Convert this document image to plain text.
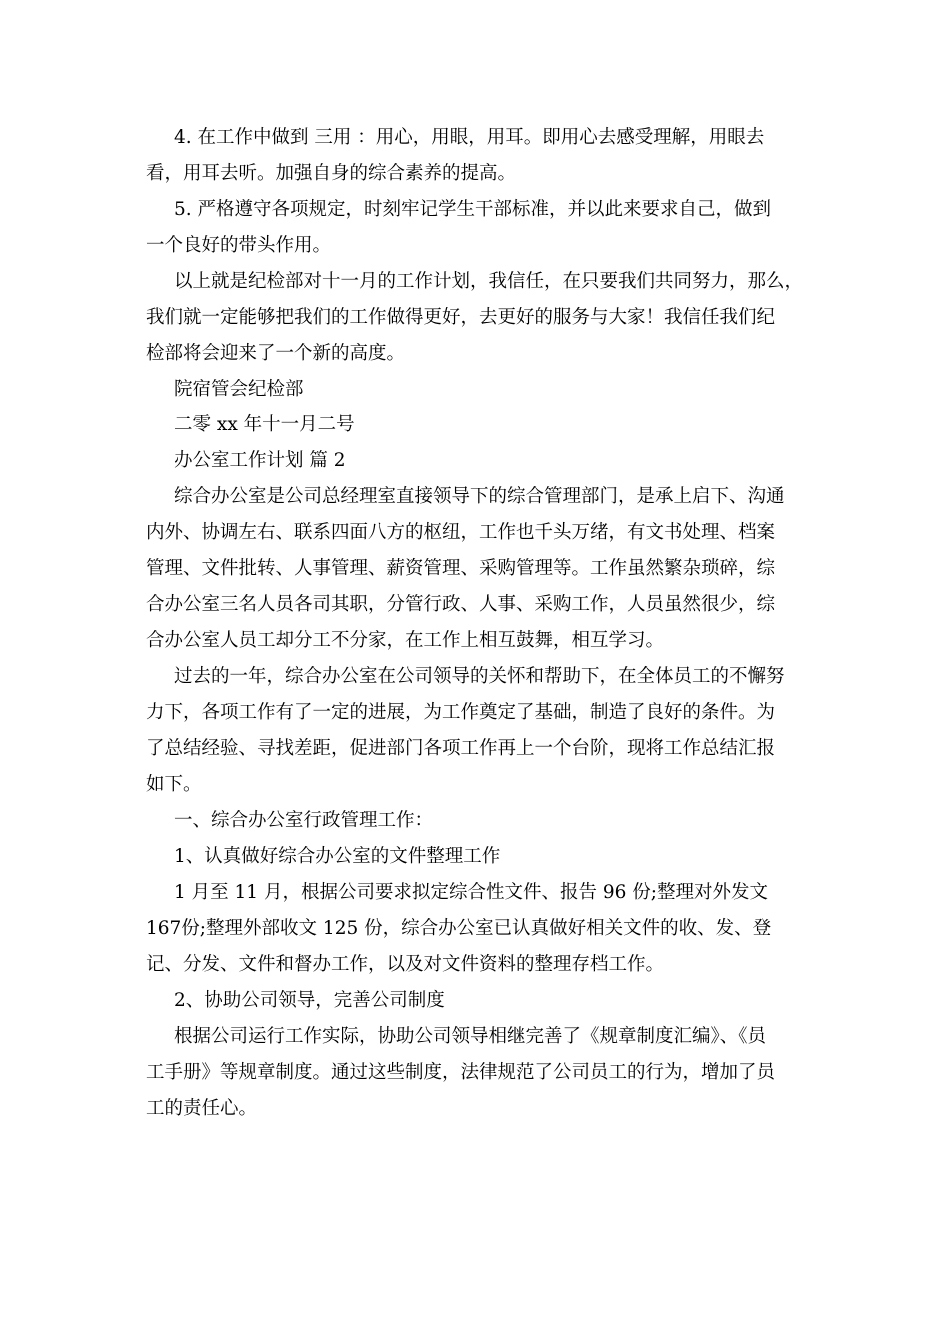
4. 在工作中做到 三用 ：用心，用眼，用耳。即用心去感受理解，用眼去

看，用耳去听。加强自身的综合素养的提高。

5. 严格遵守各项规定，时刻牢记学生干部标准，并以此来要求自己，做到

一个良好的带头作用。

以上就是纪检部对十一月的工作计划，我信任，在只要我们共同努力，那么，

我们就一定能够把我们的工作做得更好，去更好的服务与大家！我信任我们纪

检部将会迎来了一个新的高度。

院宿管会纪检部

二零 xx 年十一月二号

办公室工作计划 篇 2

综合办公室是公司总经理室直接领导下的综合管理部门，是承上启下、沟通

内外、协调左右、联系四面八方的枢纽，工作也千头万绪，有文书处理、档案

管理、文件批转、人事管理、薪资管理、采购管理等。工作虽然繁杂琐碎，综

合办公室三名人员各司其职，分管行政、人事、采购工作，人员虽然很少，综

合办公室人员工却分工不分家，在工作上相互鼓舞，相互学习。

过去的一年，综合办公室在公司领导的关怀和帮助下，在全体员工的不懈努

力下，各项工作有了一定的进展，为工作奠定了基础，制造了良好的条件。为

了总结经验、寻找差距，促进部门各项工作再上一个台阶，现将工作总结汇报

如下。

一、综合办公室行政管理工作：

1、认真做好综合办公室的文件整理工作

1 月至 11 月，根据公司要求拟定综合性文件、报告 96 份;整理对外发文

167份;整理外部收文 125 份，综合办公室已认真做好相关文件的收、发、登

记、分发、文件和督办工作，以及对文件资料的整理存档工作。

2、协助公司领导，完善公司制度

根据公司运行工作实际，协助公司领导相继完善了《规章制度汇编》、《员

工手册》等规章制度。通过这些制度，法律规范了公司员工的行为，增加了员

工的责任心。
